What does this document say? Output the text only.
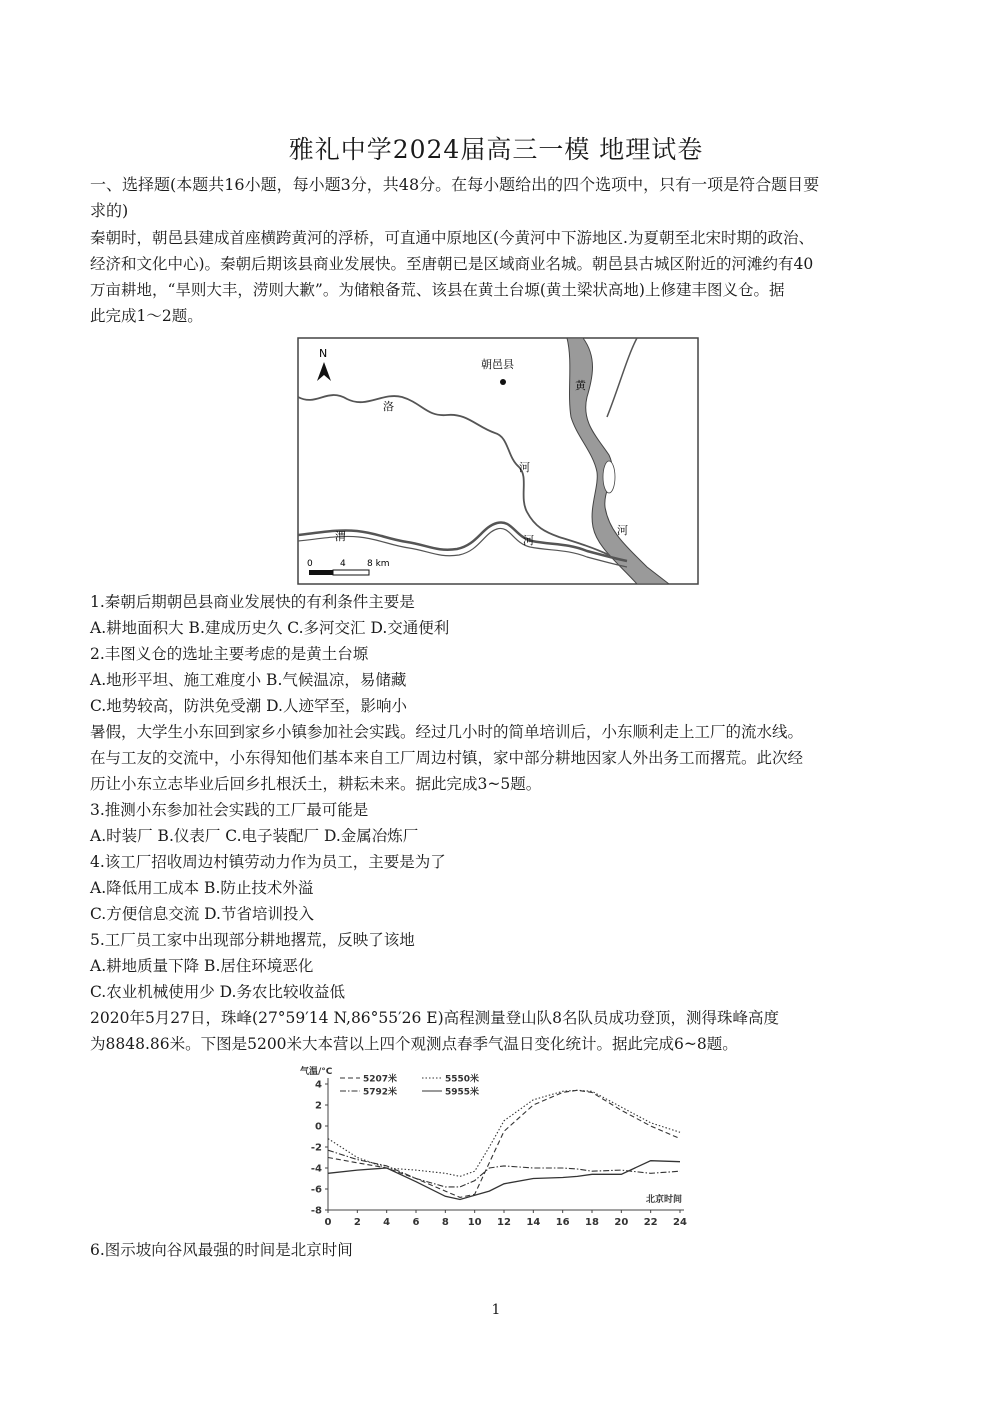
雅礼中学2024届高三一模 地理试卷
一、选择题(本题共16小题，每小题3分，共48分。在每小题给出的四个选项中，只有一项是符合题目要
求的)
秦朝时，朝邑县建成首座横跨黄河的浮桥，可直通中原地区(今黄河中下游地区.为夏朝至北宋时期的政治、
经济和文化中心)。秦朝后期该县商业发展快。至唐朝已是区域商业名城。朝邑县古城区附近的河滩约有40
万亩耕地，“旱则大丰，涝则大歉”。为储粮备荒、该县在黄土台塬(黄土梁状高地)上修建丰图义仓。据
此完成1～2题。
N
朝邑县
洛
河
渭	河
黄
河
0	4 8 km
1.秦朝后期朝邑县商业发展快的有利条件主要是
A.耕地面积大 B.建成历史久 C.多河交汇 D.交通便利
2.丰图义仓的选址主要考虑的是黄土台塬
A.地形平坦、施工难度小 B.气候温凉，易储藏
C.地势较高，防洪免受潮 D.人迹罕至，影响小
暑假，大学生小东回到家乡小镇参加社会实践。经过几小时的简单培训后，小东顺利走上工厂的流水线。
在与工友的交流中，小东得知他们基本来自工厂周边村镇，家中部分耕地因家人外出务工而撂荒。此次经
历让小东立志毕业后回乡扎根沃土，耕耘未来。据此完成3~5题。
3.推测小东参加社会实践的工厂最可能是
A.时装厂 B.仪表厂 C.电子装配厂 D.金属冶炼厂
4.该工厂招收周边村镇劳动力作为员工，主要是为了
A.降低用工成本 B.防止技术外溢
C.方便信息交流 D.节省培训投入
5.工厂员工家中出现部分耕地撂荒，反映了该地
A.耕地质量下降 B.居住环境恶化
C.农业机械使用少 D.务农比较收益低
2020年5月27日，珠峰(27°59′14 N,86°55′26 E)高程测量登山队8名队员成功登顶，测得珠峰高度
为8848.86米。下图是5200米大本营以上四个观测点春季气温日变化统计。据此完成6~8题。
0 2 4 6 8 10 12 14 16 18 20 22 24
4
2
0
-2
-4
-6
-8
气温/°C
北京时间
5207米	5550米
5792米	5955米
6.图示坡向谷风最强的时间是北京时间
1
